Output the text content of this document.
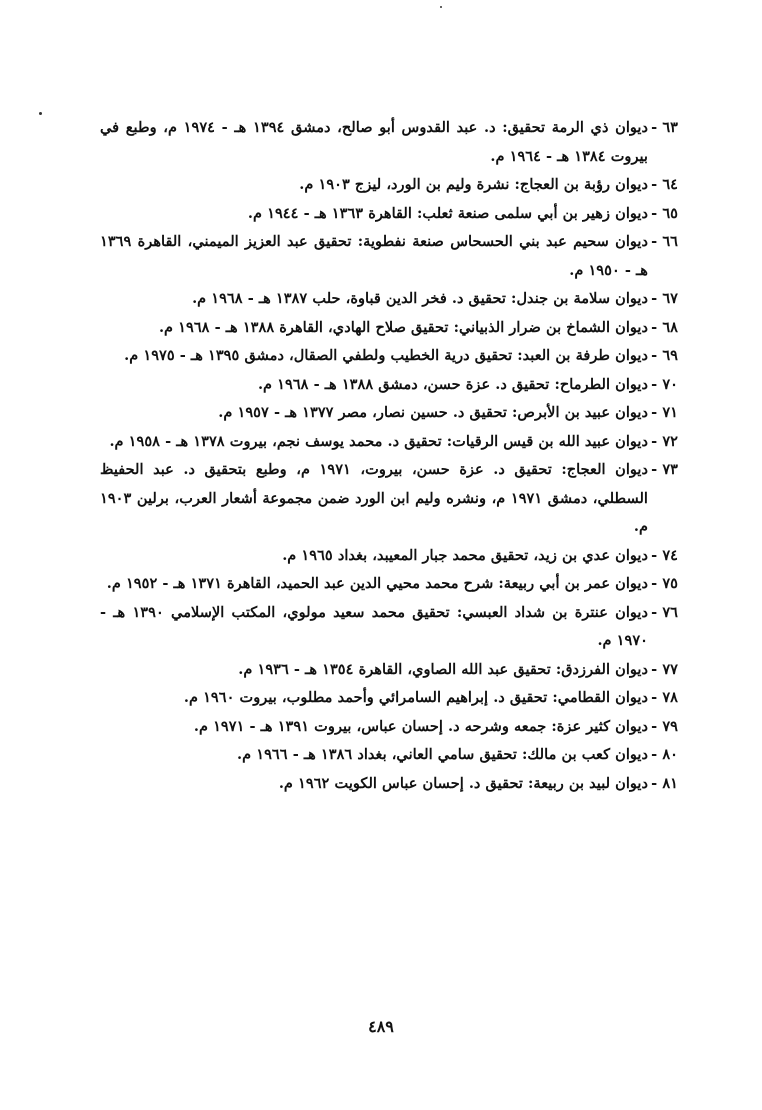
٦٣ -
ديوان ذي الرمة تحقيق: د. عبد القدوس أبو صالح، دمشق ١٣٩٤ هـ - ١٩٧٤ م، وطبع في بيروت ١٣٨٤ هـ - ١٩٦٤ م.
٦٤ -
ديوان رؤبة بن العجاج: نشرة وليم بن الورد، ليزج ١٩٠٣ م.
٦٥ -
ديوان زهير بن أبي سلمى صنعة ثعلب: القاهرة ١٣٦٣ هـ - ١٩٤٤ م.
٦٦ -
ديوان سحيم عبد بني الحسحاس صنعة نفطوية: تحقيق عبد العزيز الميمني، القاهرة ١٣٦٩ هـ - ١٩٥٠ م.
٦٧ -
ديوان سلامة بن جندل: تحقيق د. فخر الدين قباوة، حلب ١٣٨٧ هـ - ١٩٦٨ م.
٦٨ -
ديوان الشماخ بن ضرار الذبياني: تحقيق صلاح الهادي، القاهرة ١٣٨٨ هـ - ١٩٦٨ م.
٦٩ -
ديوان طرفة بن العبد: تحقيق درية الخطيب ولطفي الصقال، دمشق ١٣٩٥ هـ - ١٩٧٥ م.
٧٠ -
ديوان الطرماح: تحقيق د. عزة حسن، دمشق ١٣٨٨ هـ - ١٩٦٨ م.
٧١ -
ديوان عبيد بن الأبرص: تحقيق د. حسين نصار، مصر ١٣٧٧ هـ - ١٩٥٧ م.
٧٢ -
ديوان عبيد الله بن قيس الرقيات: تحقيق د. محمد يوسف نجم، بيروت ١٣٧٨ هـ - ١٩٥٨ م.
٧٣ -
ديوان العجاج: تحقيق د. عزة حسن، بيروت، ١٩٧١ م، وطبع بتحقيق د. عبد الحفيظ السطلي، دمشق ١٩٧١ م، ونشره وليم ابن الورد ضمن مجموعة أشعار العرب، برلين ١٩٠٣ م.
٧٤ -
ديوان عدي بن زيد، تحقيق محمد جبار المعيبد، بغداد ١٩٦٥ م.
٧٥ -
ديوان عمر بن أبي ربيعة: شرح محمد محيي الدين عبد الحميد، القاهرة ١٣٧١ هـ - ١٩٥٢ م.
٧٦ -
ديوان عنترة بن شداد العبسي: تحقيق محمد سعيد مولوي، المكتب الإسلامي ١٣٩٠ هـ - ١٩٧٠ م.
٧٧ -
ديوان الفرزدق: تحقيق عبد الله الصاوي، القاهرة ١٣٥٤ هـ - ١٩٣٦ م.
٧٨ -
ديوان القطامي: تحقيق د. إبراهيم السامرائي وأحمد مطلوب، بيروت ١٩٦٠ م.
٧٩ -
ديوان كثير عزة: جمعه وشرحه د. إحسان عباس، بيروت ١٣٩١ هـ - ١٩٧١ م.
٨٠ -
ديوان كعب بن مالك: تحقيق سامي العاني، بغداد ١٣٨٦ هـ - ١٩٦٦ م.
٨١ -
ديوان لبيد بن ربيعة: تحقيق د. إحسان عباس الكويت ١٩٦٢ م.
٤٨٩
